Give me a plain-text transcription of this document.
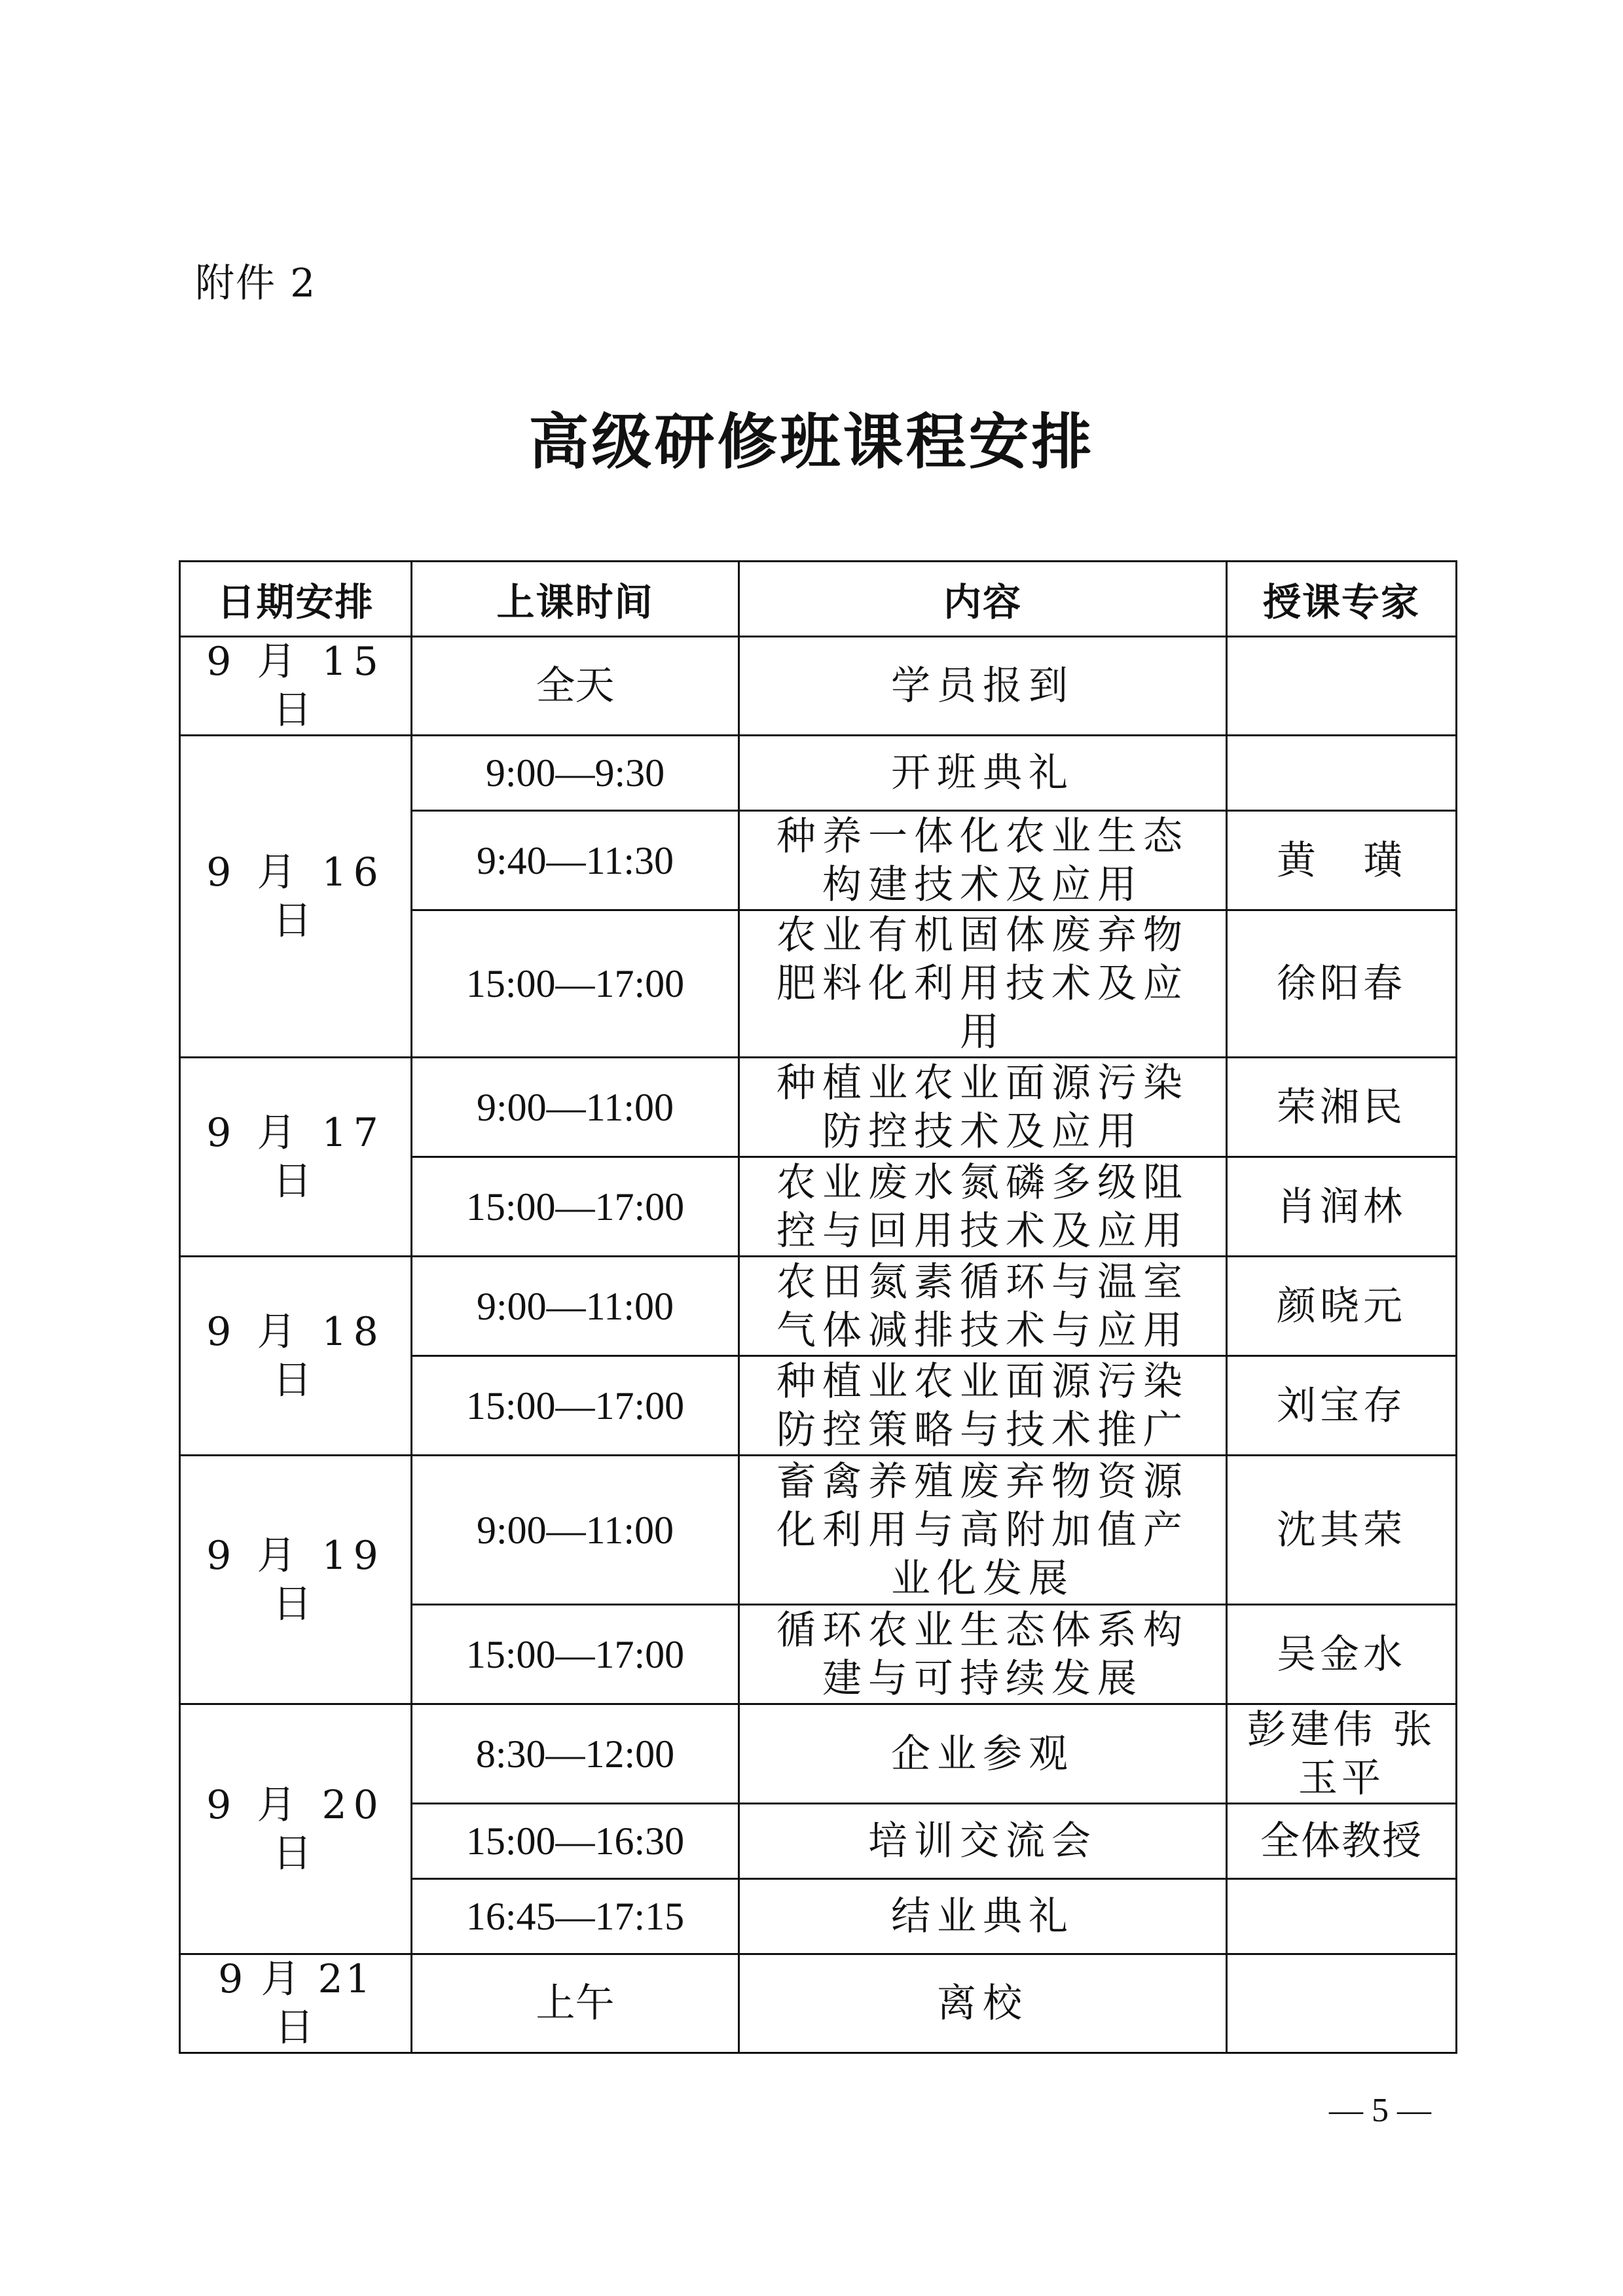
附件 2
高级研修班课程安排
日期安排	上课时间	内容	授课专家
9 月 15 日	全天	学员报到	
9 月 16 日	9:00—9:30	开班典礼	
	9:40—11:30	种养一体化农业生态构建技术及应用	黄　璜
	15:00—17:00	农业有机固体废弃物肥料化利用技术及应用	徐阳春
9 月 17 日	9:00—11:00	种植业农业面源污染防控技术及应用	荣湘民
	15:00—17:00	农业废水氮磷多级阻控与回用技术及应用	肖润林
9 月 18 日	9:00—11:00	农田氮素循环与温室气体减排技术与应用	颜晓元
	15:00—17:00	种植业农业面源污染防控策略与技术推广	刘宝存
9 月 19 日	9:00—11:00	畜禽养殖废弃物资源化利用与高附加值产业化发展	沈其荣
	15:00—17:00	循环农业生态体系构建与可持续发展	吴金水
9 月 20 日	8:30—12:00	企业参观	彭建伟 张玉平
	15:00—16:30	培训交流会	全体教授
	16:45—17:15	结业典礼	
9 月 21 日	上午	离校	
— 5 —
